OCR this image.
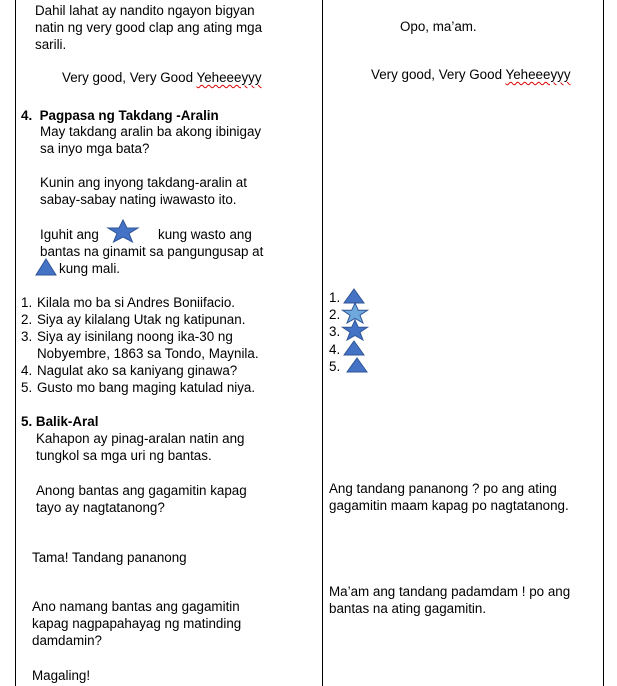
Dahil lahat ay nandito ngayon bigyan
natin ng very good clap ang ating mga
sarili.
Very good, Very Good Yeheeeyyy
4. Pagpasa ng Takdang -Aralin
May takdang aralin ba akong ibinigay
sa inyo mga bata?
Kunin ang inyong takdang-aralin at
sabay-sabay nating iwawasto ito.
Iguhit ang	kung wasto ang
bantas na ginamit sa pangungusap at
kung mali.
1. Kilala mo ba si Andres Boniifacio.
2. Siya ay kilalang Utak ng katipunan.
3. Siya ay isinilang noong ika-30 ng
Nobyembre, 1863 sa Tondo, Maynila.
4. Nagulat ako sa kaniyang ginawa?
5. Gusto mo bang maging katulad niya.
5. Balik-Aral
Kahapon ay pinag-aralan natin ang
tungkol sa mga uri ng bantas.
Anong bantas ang gagamitin kapag
tayo ay nagtatanong?
Tama! Tandang pananong
Ano namang bantas ang gagamitin
kapag nagpapahayag ng matinding
damdamin?
Magaling!
Opo, ma’am.
Very good, Very Good Yeheeeyyy
1.
2.
3.
4.
5.
Ang tandang pananong ? po ang ating
gagamitin maam kapag po nagtatanong.
Ma’am ang tandang padamdam ! po ang
bantas na ating gagamitin.
